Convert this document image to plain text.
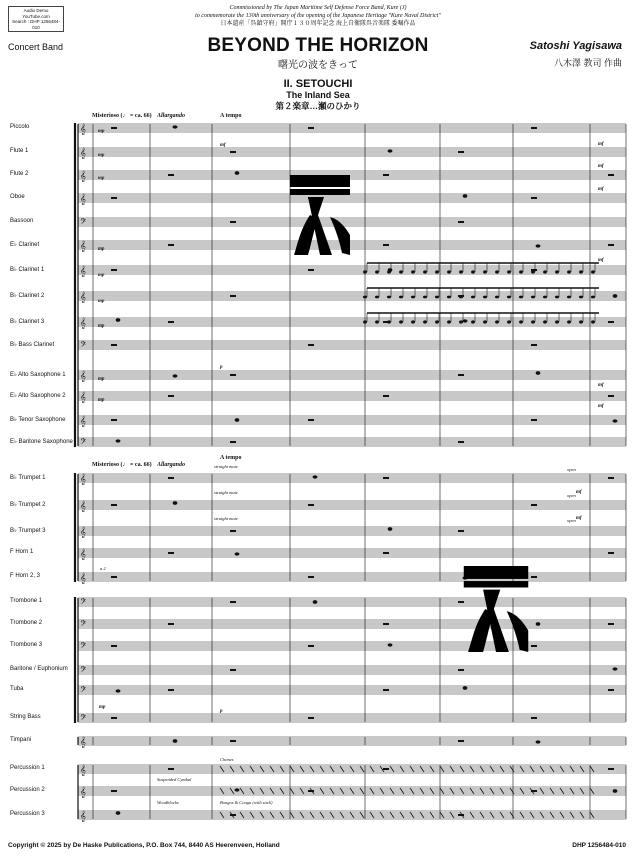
Audio Demo
YouTube.com
Search : DHP 1256484-010
Concert Band
Commissioned by The Japan Maritime Self Defense Force Band, Kure (J)
to commemorate the 130th anniversary of the opening of the Japanese Heritage "Kure Naval District"
日本遺産「呉鎮守府」開庁１３０周年記念 海上自衛隊呉音楽隊 委嘱作品
BEYOND THE HORIZON
曙光の波をきって
Satoshi Yagisawa
八木澤 教司 作曲
II. SETOUCHI
The Inland Sea
第２楽章…瀬のひかり
Piccolo
Flute 1
Flute 2
Oboe
Bassoon
E♭ Clarinet
B♭ Clarinet 1
B♭ Clarinet 2
B♭ Clarinet 3
B♭ Bass Clarinet
E♭ Alto Saxophone 1
E♭ Alto Saxophone 2
B♭ Tenor Saxophone
E♭ Baritone Saxophone
B♭ Trumpet 1
B♭ Trumpet 2
B♭ Trumpet 3
F Horn 1
F Horn 2, 3
Trombone 1
Trombone 2
Trombone 3
Baritone / Euphonium
Tuba
String Bass
Timpani
Percussion 1
Percussion 2
Percussion 3
Misterioso (♩ = ca. 66) Allargando	A tempo
Misterioso (♩ = ca. 66) Allargando
A tempo
straight mute
straight mute
straight mute
open
open
open
a 2
Chimes
Suspended Cymbal
Woodblocks	Bongos & Conga (with stick)
𝄞
𝄞
𝄞
𝄞
𝄢
𝄞
𝄞
𝄞
𝄞
𝄢
𝄞
𝄞
𝄞
𝄢
𝄞
𝄞
𝄞
𝄞
𝄞
𝄢
𝄢
𝄢
𝄢
𝄢
𝄢
𝄞
𝄞
𝄞
𝄞
mp
mp
mp
mp
mp
mp
mp
mp
mp
mf	mf
mf
mf
mf
mf
mf
p
p
mp
mf
mf
Copyright © 2025 by De Haske Publications, P.O. Box 744, 8440 AS Heerenveen, Holland	DHP 1256484-010
